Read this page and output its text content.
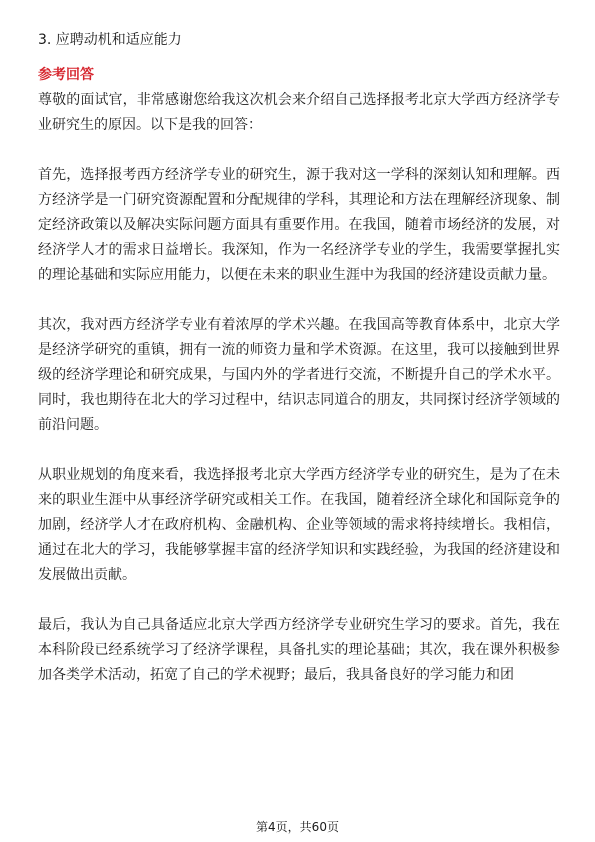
3. 应聘动机和适应能力
参考回答

尊敬的面试官，非常感谢您给我这次机会来介绍自己选择报考北京大学西方经济学专业研究生的原因。以下是我的回答：

首先，选择报考西方经济学专业的研究生，源于我对这一学科的深刻认知和理解。西方经济学是一门研究资源配置和分配规律的学科，其理论和方法在理解经济现象、制定经济政策以及解决实际问题方面具有重要作用。在我国，随着市场经济的发展，对经济学人才的需求日益增长。我深知，作为一名经济学专业的学生，我需要掌握扎实的理论基础和实际应用能力，以便在未来的职业生涯中为我国的经济建设贡献力量。

其次，我对西方经济学专业有着浓厚的学术兴趣。在我国高等教育体系中，北京大学是经济学研究的重镇，拥有一流的师资力量和学术资源。在这里，我可以接触到世界级的经济学理论和研究成果，与国内外的学者进行交流，不断提升自己的学术水平。同时，我也期待在北大的学习过程中，结识志同道合的朋友，共同探讨经济学领域的前沿问题。

从职业规划的角度来看，我选择报考北京大学西方经济学专业的研究生，是为了在未来的职业生涯中从事经济学研究或相关工作。在我国，随着经济全球化和国际竞争的加剧，经济学人才在政府机构、金融机构、企业等领域的需求将持续增长。我相信，通过在北大的学习，我能够掌握丰富的经济学知识和实践经验，为我国的经济建设和发展做出贡献。

最后，我认为自己具备适应北京大学西方经济学专业研究生学习的要求。首先，我在本科阶段已经系统学习了经济学课程，具备扎实的理论基础；其次，我在课外积极参加各类学术活动，拓宽了自己的学术视野；最后，我具备良好的学习能力和团

第4页，共60页
